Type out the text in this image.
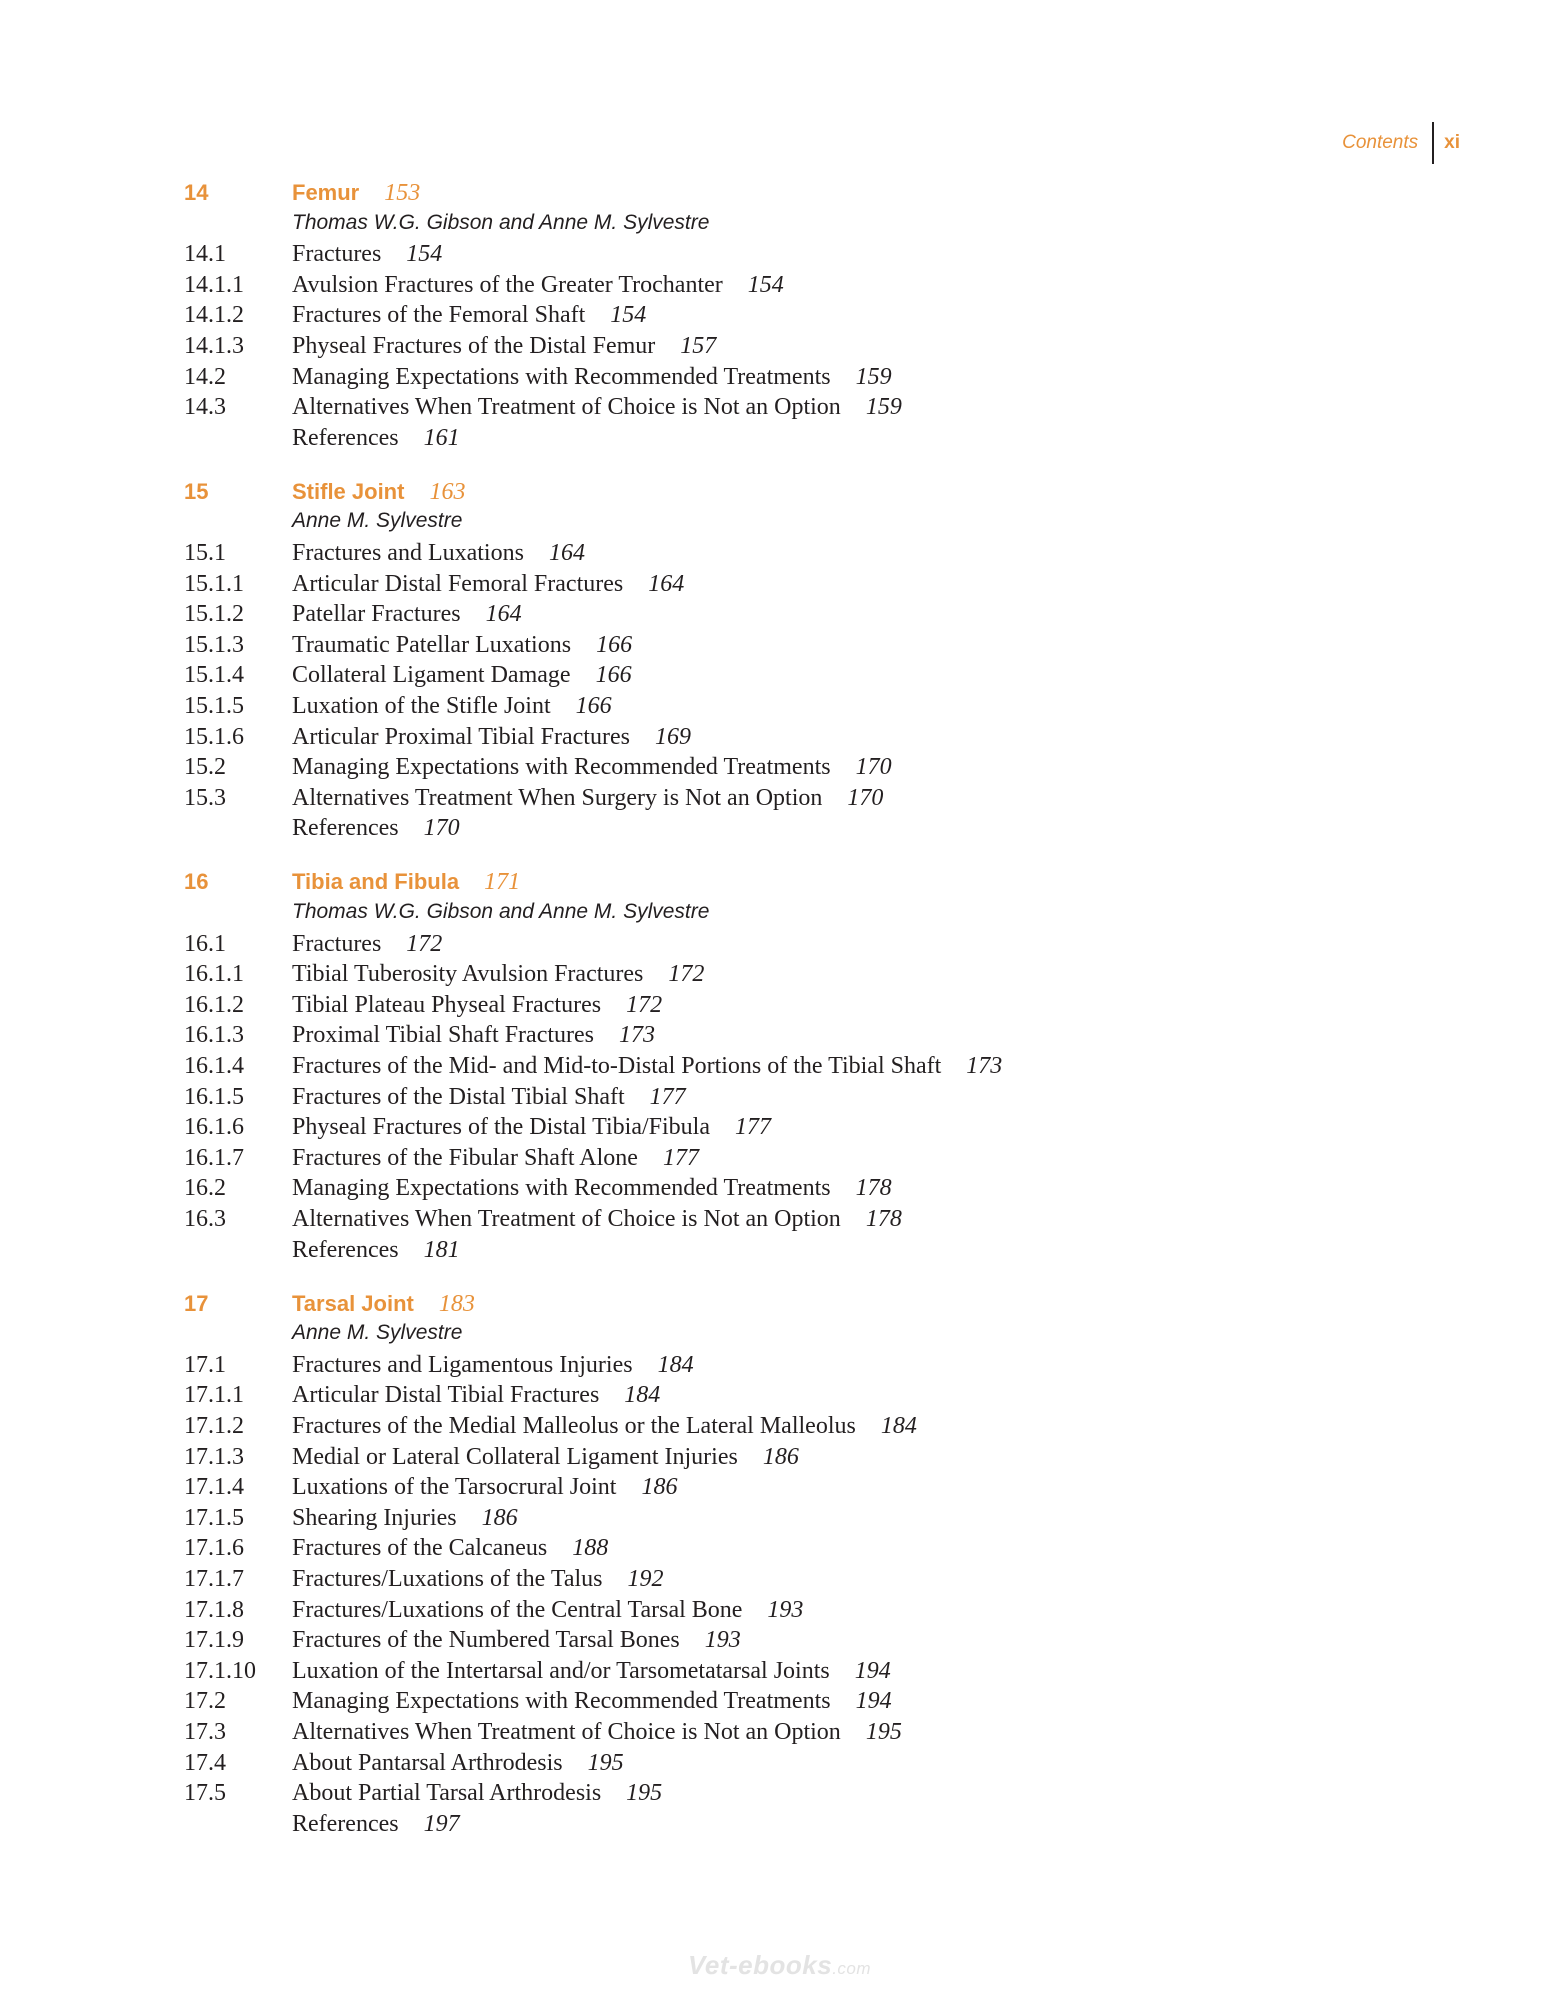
Contents xi
14	Femur 153
Thomas W.G. Gibson and Anne M. Sylvestre
14.1	Fractures 154
14.1.1	Avulsion Fractures of the Greater Trochanter 154
14.1.2	Fractures of the Femoral Shaft 154
14.1.3	Physeal Fractures of the Distal Femur 157
14.2	Managing Expectations with Recommended Treatments 159
14.3	Alternatives When Treatment of Choice is Not an Option 159
References 161
15	Stifle Joint 163
Anne M. Sylvestre
15.1	Fractures and Luxations 164
15.1.1	Articular Distal Femoral Fractures 164
15.1.2	Patellar Fractures 164
15.1.3	Traumatic Patellar Luxations 166
15.1.4	Collateral Ligament Damage 166
15.1.5	Luxation of the Stifle Joint 166
15.1.6	Articular Proximal Tibial Fractures 169
15.2	Managing Expectations with Recommended Treatments 170
15.3	Alternatives Treatment When Surgery is Not an Option 170
References 170
16	Tibia and Fibula 171
Thomas W.G. Gibson and Anne M. Sylvestre
16.1	Fractures 172
16.1.1	Tibial Tuberosity Avulsion Fractures 172
16.1.2	Tibial Plateau Physeal Fractures 172
16.1.3	Proximal Tibial Shaft Fractures 173
16.1.4	Fractures of the Mid- and Mid-to-Distal Portions of the Tibial Shaft 173
16.1.5	Fractures of the Distal Tibial Shaft 177
16.1.6	Physeal Fractures of the Distal Tibia/Fibula 177
16.1.7	Fractures of the Fibular Shaft Alone 177
16.2	Managing Expectations with Recommended Treatments 178
16.3	Alternatives When Treatment of Choice is Not an Option 178
References 181
17	Tarsal Joint 183
Anne M. Sylvestre
17.1	Fractures and Ligamentous Injuries 184
17.1.1	Articular Distal Tibial Fractures 184
17.1.2	Fractures of the Medial Malleolus or the Lateral Malleolus 184
17.1.3	Medial or Lateral Collateral Ligament Injuries 186
17.1.4	Luxations of the Tarsocrural Joint 186
17.1.5	Shearing Injuries 186
17.1.6	Fractures of the Calcaneus 188
17.1.7	Fractures/Luxations of the Talus 192
17.1.8	Fractures/Luxations of the Central Tarsal Bone 193
17.1.9	Fractures of the Numbered Tarsal Bones 193
17.1.10	Luxation of the Intertarsal and/or Tarsometatarsal Joints 194
17.2	Managing Expectations with Recommended Treatments 194
17.3	Alternatives When Treatment of Choice is Not an Option 195
17.4	About Pantarsal Arthrodesis 195
17.5	About Partial Tarsal Arthrodesis 195
References 197
Vet-ebooks.com
